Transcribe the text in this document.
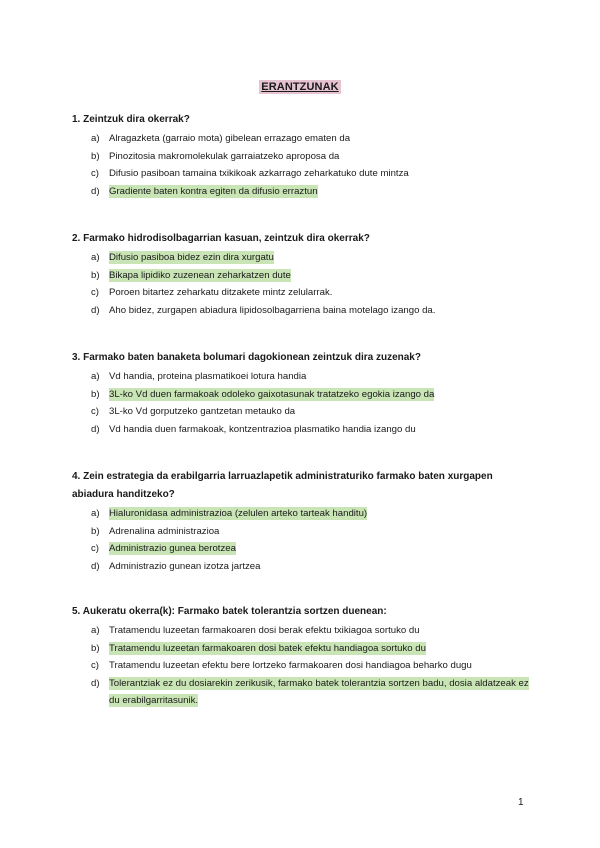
ERANTZUNAK
1. Zeintzuk dira okerrak?
a) Alragazketa (garraio mota) gibelean errazago ematen da
b) Pinozitosia makromolekulak garraiatzeko aproposa da
c) Difusio pasiboan tamaina txikikoak azkarrago zeharkatuko dute mintza
d) Gradiente baten kontra egiten da difusio erraztun
2. Farmako hidrodisolbagarrian kasuan, zeintzuk dira okerrak?
a) Difusio pasiboa bidez ezin dira xurgatu
b) Bikapa lipidiko zuzenean zeharkatzen dute
c) Poroen bitartez zeharkatu ditzakete mintz zelularrak.
d) Aho bidez, zurgapen abiadura lipidosolbagarriena baina motelago izango da.
3. Farmako baten banaketa bolumari dagokionean zeintzuk dira zuzenak?
a) Vd handia, proteina plasmatikoei lotura handia
b) 3L-ko Vd duen farmakoak odoleko gaixotasunak tratatzeko egokia izango da
c) 3L-ko Vd gorputzeko gantzetan metauko da
d) Vd handia duen farmakoak, kontzentrazioa plasmatiko handia izango du
4. Zein estrategia da erabilgarria larruazlapetik administraturiko farmako baten xurgapen abiadura handitzeko?
a) Hialuronidasa administrazioa (zelulen arteko tarteak handitu)
b) Adrenalina administrazioa
c) Administrazio gunea berotzea
d) Administrazio gunean izotza jartzea
5. Aukeratu okerra(k): Farmako batek tolerantzia sortzen duenean:
a) Tratamendu luzeetan farmakoaren dosi berak efektu txikiagoa sortuko du
b) Tratamendu luzeetan farmakoaren dosi batek efektu handiagoa sortuko du
c) Tratamendu luzeetan efektu bere lortzeko farmakoaren dosi handiagoa beharko dugu
d) Tolerantziak ez du dosiarekin zerikusik, farmako batek tolerantzia sortzen badu, dosia aldatzeak ez du erabilgarritasunik.
1
